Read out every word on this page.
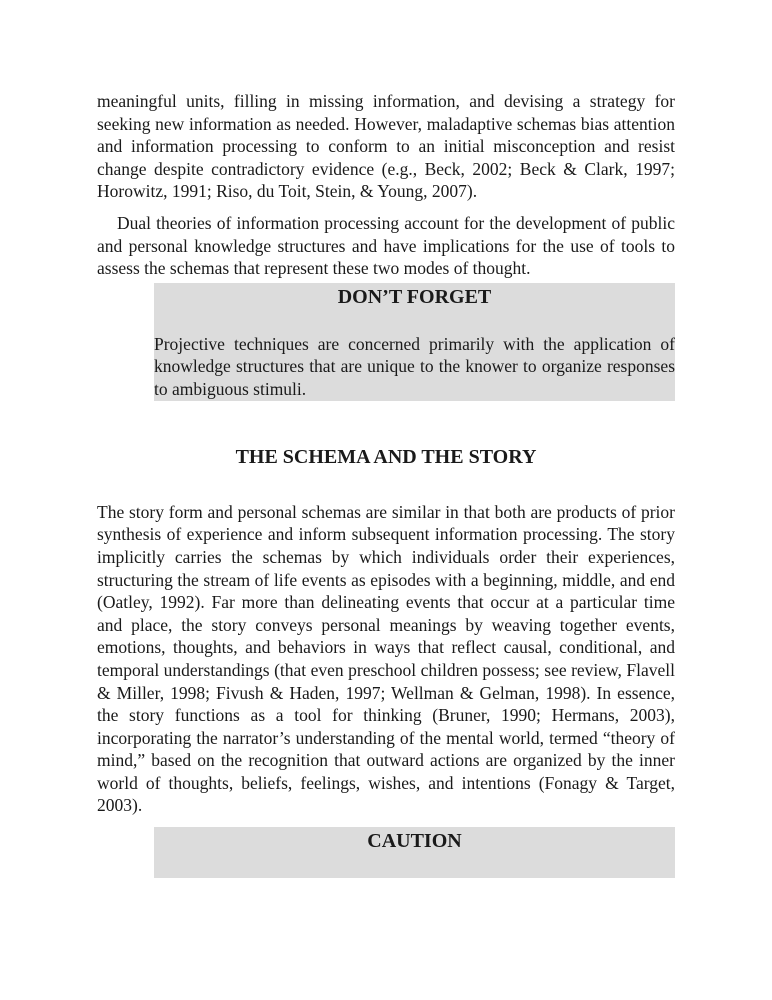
meaningful units, filling in missing information, and devising a strategy for seeking new information as needed. However, maladaptive schemas bias attention and information processing to conform to an initial misconception and resist change despite contradictory evidence (e.g., Beck, 2002; Beck & Clark, 1997; Horowitz, 1991; Riso, du Toit, Stein, & Young, 2007).

Dual theories of information processing account for the development of public and personal knowledge structures and have implications for the use of tools to assess the schemas that represent these two modes of thought.

DON’T FORGET

Projective techniques are concerned primarily with the application of knowledge structures that are unique to the knower to organize responses to ambiguous stimuli.

THE SCHEMA AND THE STORY

The story form and personal schemas are similar in that both are products of prior synthesis of experience and inform subsequent information processing. The story implicitly carries the schemas by which individuals order their experiences, structuring the stream of life events as episodes with a beginning, middle, and end (Oatley, 1992). Far more than delineating events that occur at a particular time and place, the story conveys personal meanings by weaving together events, emotions, thoughts, and behaviors in ways that reflect causal, conditional, and temporal understandings (that even preschool children possess; see review, Flavell & Miller, 1998; Fivush & Haden, 1997; Wellman & Gelman, 1998). In essence, the story functions as a tool for thinking (Bruner, 1990; Hermans, 2003), incorporating the narrator’s understanding of the mental world, termed “theory of mind,” based on the recognition that outward actions are organized by the inner world of thoughts, beliefs, feelings, wishes, and intentions (Fonagy & Target, 2003).

CAUTION
